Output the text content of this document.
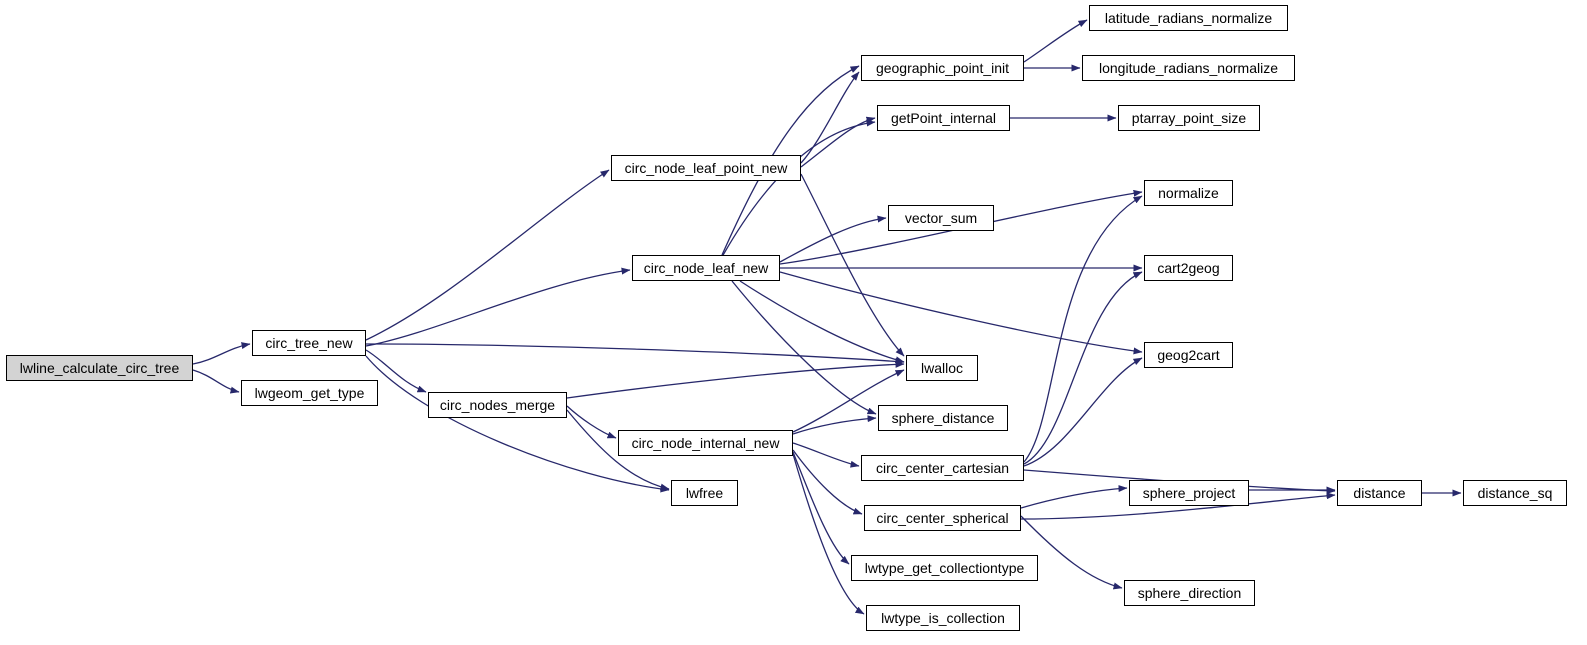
lwline_calculate_circ_tree
circ_tree_new
lwgeom_get_type
circ_node_leaf_point_new
circ_node_leaf_new
circ_nodes_merge
circ_node_internal_new
lwfree
lwalloc
geographic_point_init
getPoint_internal
vector_sum
sphere_distance
circ_center_cartesian
circ_center_spherical
lwtype_get_collectiontype
lwtype_is_collection
latitude_radians_normalize
longitude_radians_normalize
ptarray_point_size
normalize
cart2geog
geog2cart
sphere_project
sphere_direction
distance	distance_sq
